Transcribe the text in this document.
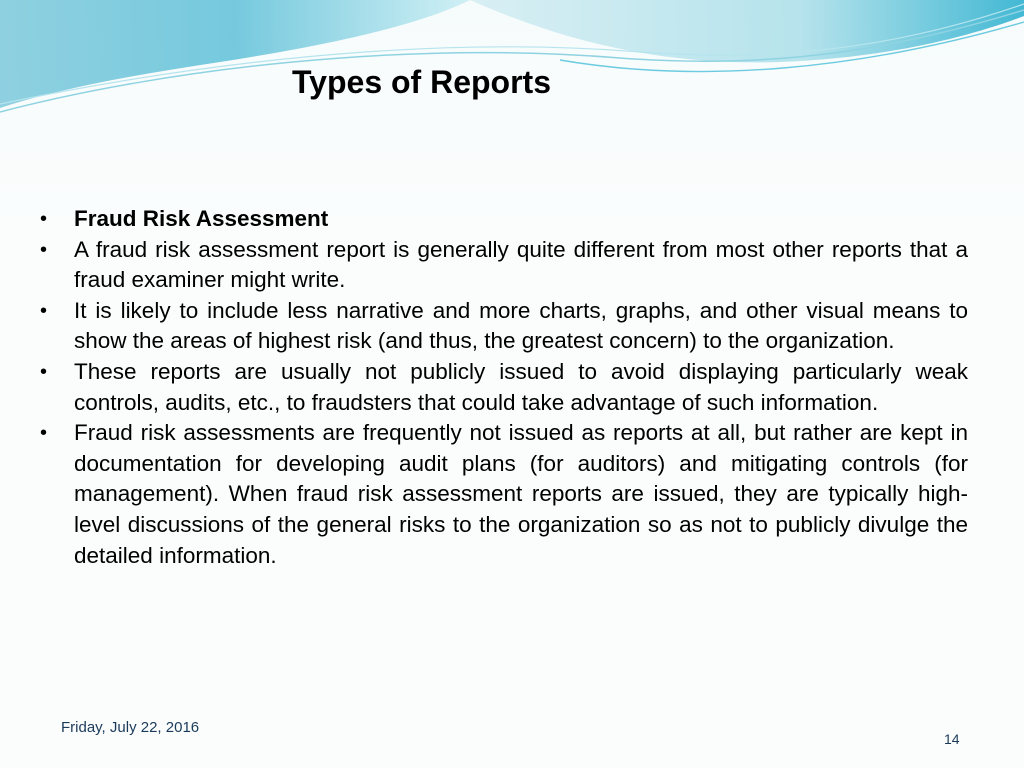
Types of Reports
• Fraud Risk Assessment
• A fraud risk assessment report is generally quite different from most other reports that a fraud examiner might write.
• It is likely to include less narrative and more charts, graphs, and other visual means to show the areas of highest risk (and thus, the greatest concern) to the organization.
• These reports are usually not publicly issued to avoid displaying particularly weak controls, audits, etc., to fraudsters that could take advantage of such information.
• Fraud risk assessments are frequently not issued as reports at all, but rather are kept in documentation for developing audit plans (for auditors) and mitigating controls (for management). When fraud risk assessment reports are issued, they are typically high-level discussions of the general risks to the organization so as not to publicly divulge the detailed information.
Friday, July 22, 2016
14
